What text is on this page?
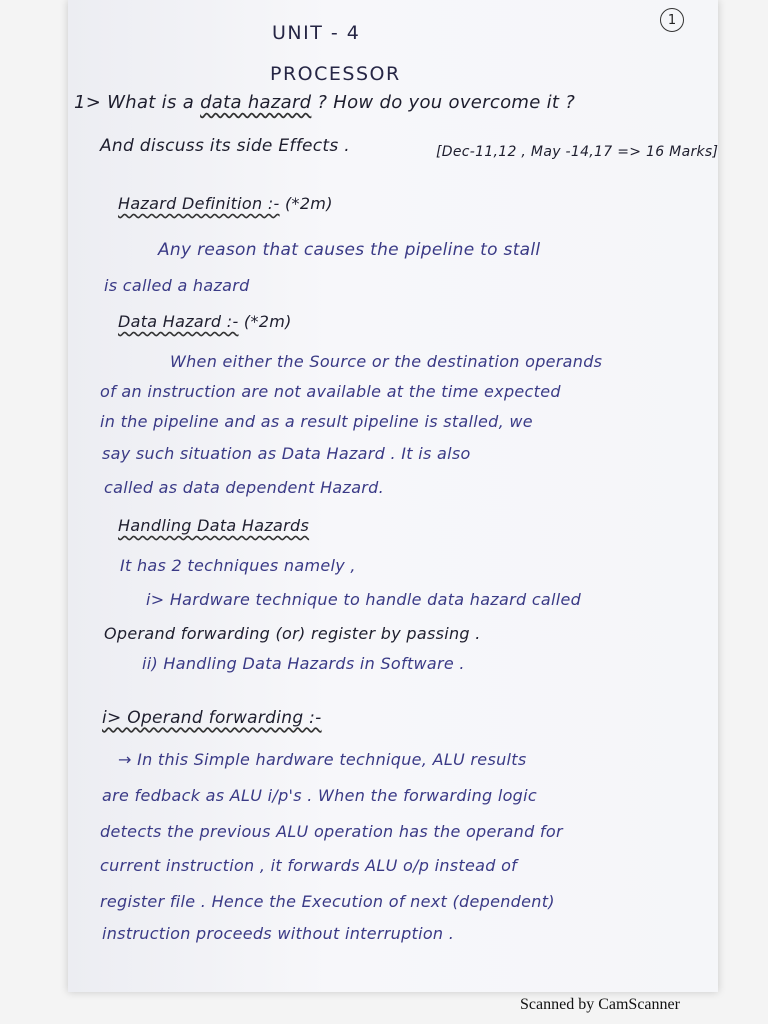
1
UNIT - 4
PROCESSOR
1> What is a data hazard ? How do you overcome it ?
And discuss its side Effects .	[Dec-11,12 , May -14,17 => 16 Marks]
Hazard Definition :- (*2m)
Any reason that causes the pipeline to stall
is called a hazard
Data Hazard :- (*2m)
When either the Source or the destination operands
of an instruction are not available at the time expected
in the pipeline and as a result pipeline is stalled, we
say such situation as Data Hazard . It is also
called as data dependent Hazard.
Handling Data Hazards
It has 2 techniques namely ,
i> Hardware technique to handle data hazard called
Operand forwarding (or) register by passing .
ii) Handling Data Hazards in Software .
i> Operand forwarding :-
→ In this Simple hardware technique, ALU results
are fedback as ALU i/p's . When the forwarding logic
detects the previous ALU operation has the operand for
current instruction , it forwards ALU o/p instead of
register file . Hence the Execution of next (dependent)
instruction proceeds without interruption .
Scanned by CamScanner
